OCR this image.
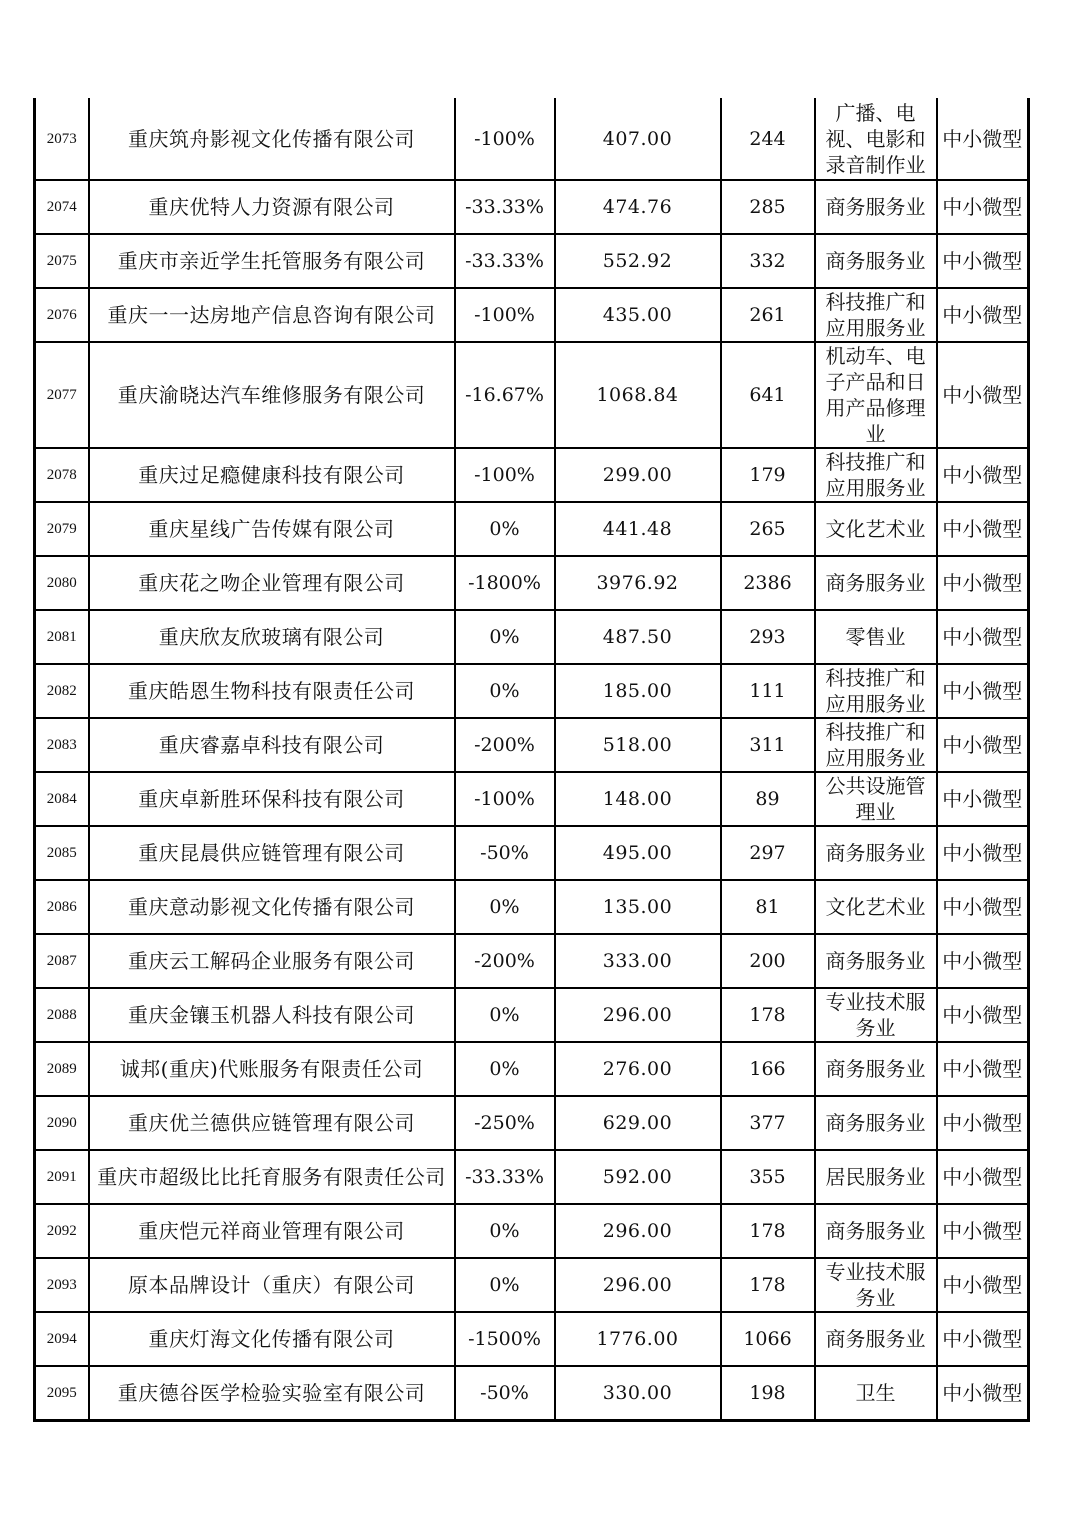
2073	重庆筑舟影视文化传播有限公司	-100%	407.00	244	广播、电视、电影和录音制作业	中小微型

2074	重庆优特人力资源有限公司	-33.33%	474.76	285	商务服务业	中小微型

2075	重庆市亲近学生托管服务有限公司	-33.33%	552.92	332	商务服务业	中小微型

2076	重庆一一达房地产信息咨询有限公司	-100%	435.00	261	科技推广和应用服务业	中小微型

2077	重庆渝晓达汽车维修服务有限公司	-16.67%	1068.84	641	机动车、电子产品和日用产品修理业	中小微型

2078	重庆过足瘾健康科技有限公司	-100%	299.00	179	科技推广和应用服务业	中小微型

2079	重庆星线广告传媒有限公司	0%	441.48	265	文化艺术业	中小微型

2080	重庆花之吻企业管理有限公司	-1800%	3976.92	2386	商务服务业	中小微型

2081	重庆欣友欣玻璃有限公司	0%	487.50	293	零售业	中小微型

2082	重庆皓恩生物科技有限责任公司	0%	185.00	111	科技推广和应用服务业	中小微型

2083	重庆睿嘉卓科技有限公司	-200%	518.00	311	科技推广和应用服务业	中小微型

2084	重庆卓新胜环保科技有限公司	-100%	148.00	89	公共设施管理业	中小微型

2085	重庆昆晨供应链管理有限公司	-50%	495.00	297	商务服务业	中小微型

2086	重庆意动影视文化传播有限公司	0%	135.00	81	文化艺术业	中小微型

2087	重庆云工解码企业服务有限公司	-200%	333.00	200	商务服务业	中小微型

2088	重庆金镶玉机器人科技有限公司	0%	296.00	178	专业技术服务业	中小微型

2089	诚邦(重庆)代账服务有限责任公司	0%	276.00	166	商务服务业	中小微型

2090	重庆优兰德供应链管理有限公司	-250%	629.00	377	商务服务业	中小微型

2091	重庆市超级比比托育服务有限责任公司	-33.33%	592.00	355	居民服务业	中小微型

2092	重庆恺元祥商业管理有限公司	0%	296.00	178	商务服务业	中小微型

2093	原本品牌设计（重庆）有限公司	0%	296.00	178	专业技术服务业	中小微型

2094	重庆灯海文化传播有限公司	-1500%	1776.00	1066	商务服务业	中小微型

2095	重庆德谷医学检验实验室有限公司	-50%	330.00	198	卫生	中小微型
